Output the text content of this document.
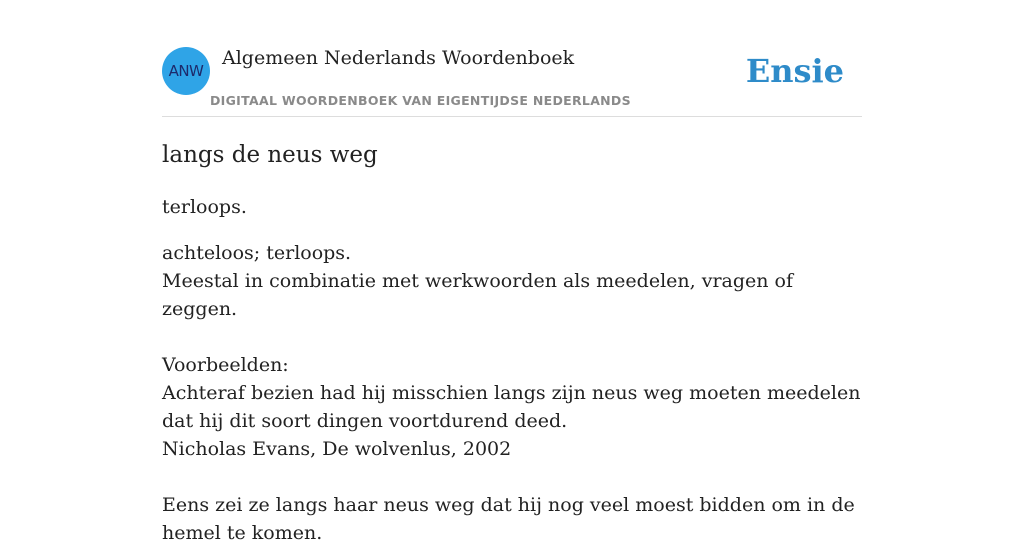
ANW
Algemeen Nederlands Woordenboek
DIGITAAL WOORDENBOEK VAN EIGENTIJDSE NEDERLANDS
Ensie
langs de neus weg
terloops.
achteloos; terloops.
Meestal in combinatie met werkwoorden als meedelen, vragen of zeggen.
Voorbeelden:
Achteraf bezien had hij misschien langs zijn neus weg moeten meedelen dat hij dit soort dingen voortdurend deed.
Nicholas Evans, De wolvenlus, 2002
Eens zei ze langs haar neus weg dat hij nog veel moest bidden om in de hemel te komen.
